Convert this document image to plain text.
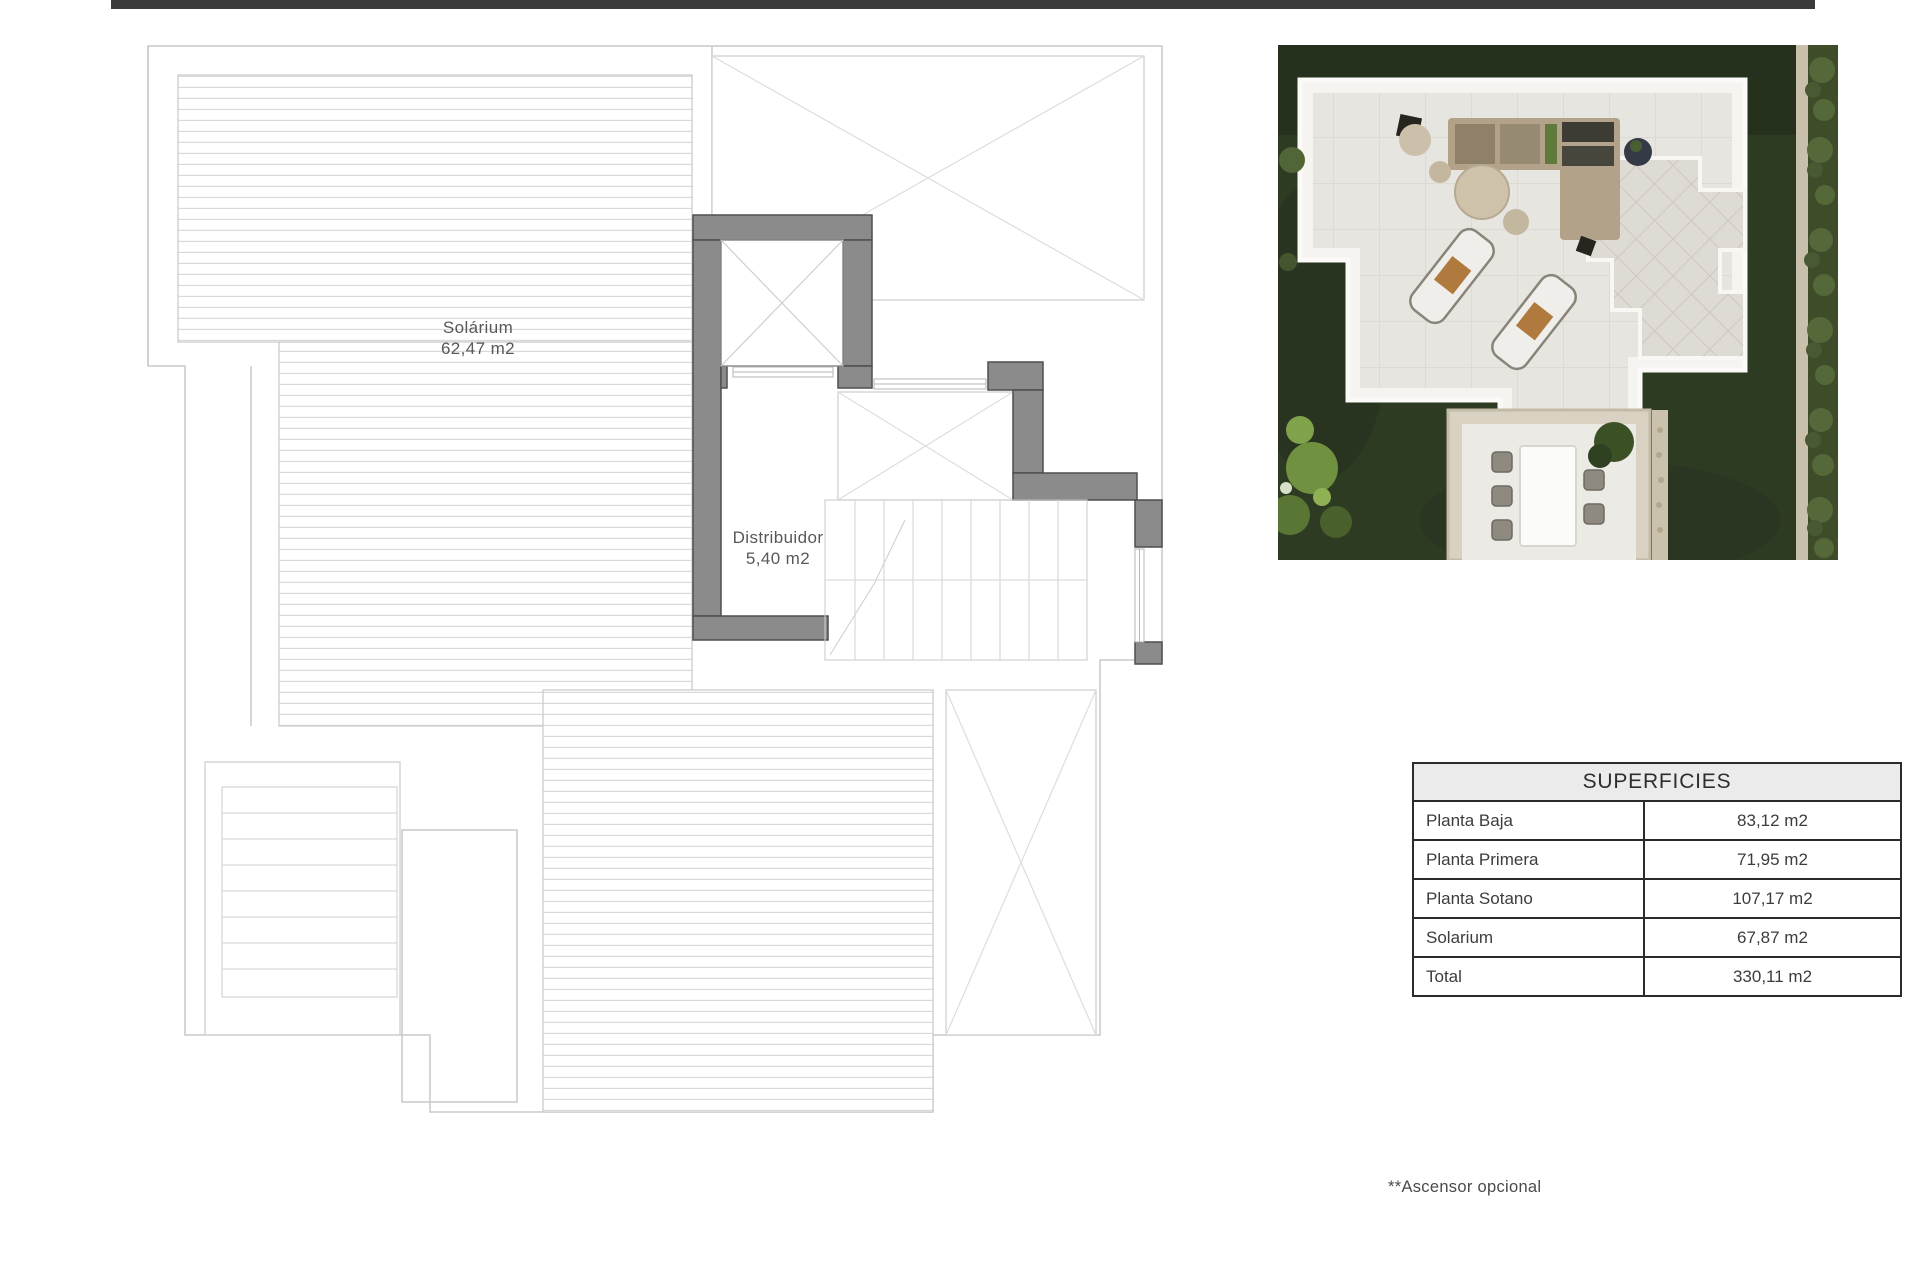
Solárium
62,47 m2
Distribuidor
5,40 m2
SUPERFICIES	
Planta Baja	83,12 m2
Planta Primera	71,95 m2
Planta Sotano	107,17 m2
Solarium	67,87 m2
Total	330,11 m2
**Ascensor opcional
